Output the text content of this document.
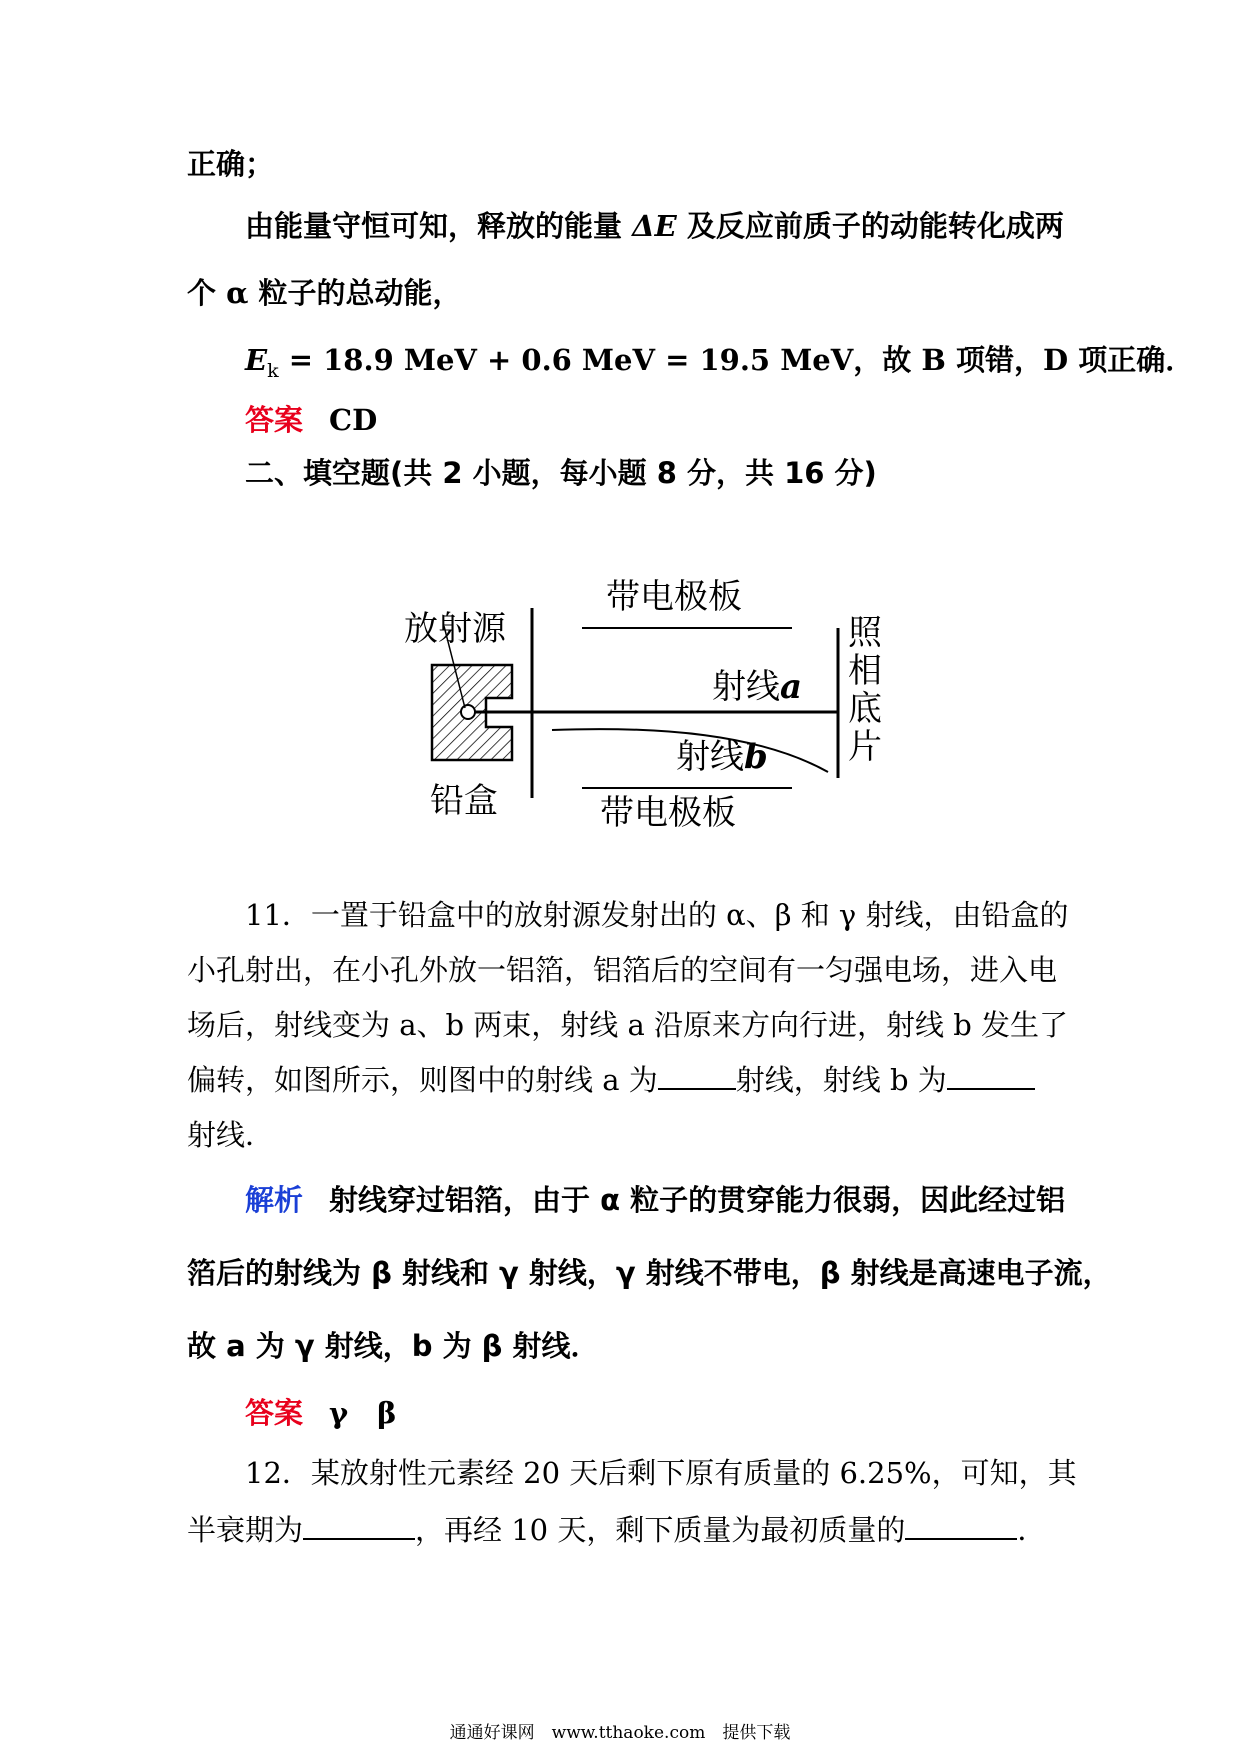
正确；
由能量守恒可知，释放的能量 ΔE 及反应前质子的动能转化成两
个 α 粒子的总动能，
$E_k = 18.9$ MeV + 0.6 MeV = 19.5 MeV，故 B 项错，D 项正确．
答案 CD
二、填空题(共 2 小题，每小题 8 分，共 16 分)
带电极板
带电极板
放射源
铅盒
射线a
射线b
照
相
底
片
11．一置于铅盒中的放射源发射出的 α、β 和 γ 射线，由铅盒的
小孔射出，在小孔外放一铝箔，铝箔后的空间有一匀强电场，进入电
场后，射线变为 a、b 两束，射线 a 沿原来方向行进，射线 b 发生了
偏转，如图所示，则图中的射线 a 为	射线，射线 b 为
射线．
解析 射线穿过铝箔，由于 α 粒子的贯穿能力很弱，因此经过铝
箔后的射线为 β 射线和 γ 射线，γ 射线不带电，β 射线是高速电子流，
故 a 为 γ 射线，b 为 β 射线．
答案 γ　β
12．某放射性元素经 20 天后剩下原有质量的 6.25%，可知，其
半衰期为	，再经 10 天，剩下质量为最初质量的	．
通通好课网　www.tthaoke.com　提供下载
